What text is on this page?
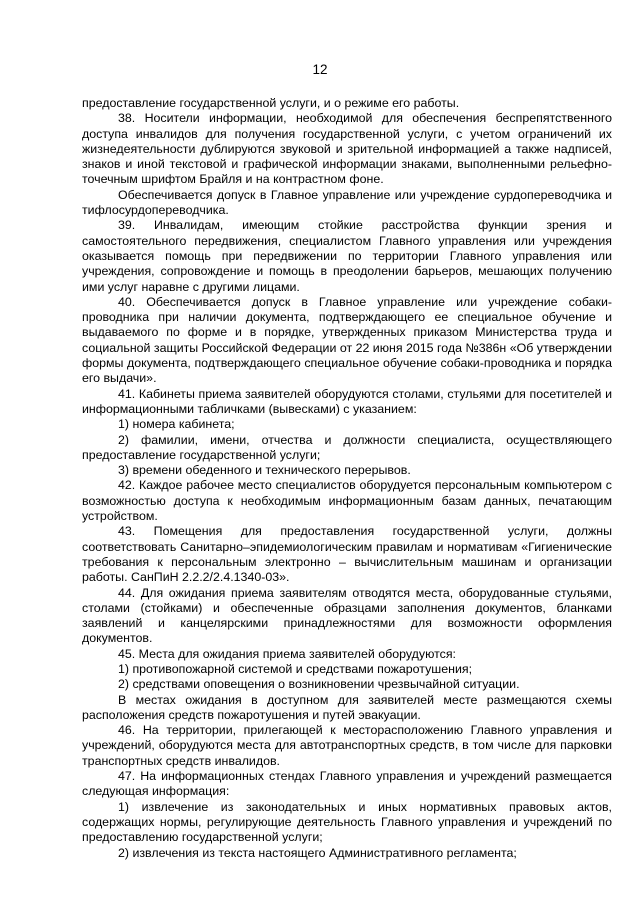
12

предоставление государственной услуги, и о режиме его работы.

38. Носители информации, необходимой для обеспечения беспрепятственного доступа инвалидов для получения государственной услуги, с учетом ограничений их жизнедеятельности дублируются звуковой и зрительной информацией а также надписей, знаков и иной текстовой и графической информации знаками, выполненными рельефно-точечным шрифтом Брайля и на контрастном фоне.

Обеспечивается допуск в Главное управление или учреждение сурдопереводчика и тифлосурдопереводчика.

39. Инвалидам, имеющим стойкие расстройства функции зрения и самостоятельного передвижения, специалистом Главного управления или учреждения оказывается помощь при передвижении по территории Главного управления или учреждения, сопровождение и помощь в преодолении барьеров, мешающих получению ими услуг наравне с другими лицами.

40. Обеспечивается допуск в Главное управление или учреждение собаки-проводника при наличии документа, подтверждающего ее специальное обучение и выдаваемого по форме и в порядке, утвержденных приказом Министерства труда и социальной защиты Российской Федерации от 22 июня 2015 года №386н «Об утверждении формы документа, подтверждающего специальное обучение собаки-проводника и порядка его выдачи».

41. Кабинеты приема заявителей оборудуются столами, стульями для посетителей и информационными табличками (вывесками) с указанием:

1) номера кабинета;

2) фамилии, имени, отчества и должности специалиста, осуществляющего предоставление государственной услуги;

3) времени обеденного и технического перерывов.

42. Каждое рабочее место специалистов оборудуется персональным компьютером с возможностью доступа к необходимым информационным базам данных, печатающим устройством.

43. Помещения для предоставления государственной услуги, должны соответствовать Санитарно–эпидемиологическим правилам и нормативам «Гигиенические требования к персональным электронно – вычислительным машинам и организации работы. СанПиН 2.2.2/2.4.1340-03».

44. Для ожидания приема заявителям отводятся места, оборудованные стульями, столами (стойками) и обеспеченные образцами заполнения документов, бланками заявлений и канцелярскими принадлежностями для возможности оформления документов.

45. Места для ожидания приема заявителей оборудуются:

1) противопожарной системой и средствами пожаротушения;

2) средствами оповещения о возникновении чрезвычайной ситуации.

В местах ожидания в доступном для заявителей месте размещаются схемы расположения средств пожаротушения и путей эвакуации.

46. На территории, прилегающей к месторасположению Главного управления и учреждений, оборудуются места для автотранспортных средств, в том числе для парковки транспортных средств инвалидов.

47. На информационных стендах Главного управления и учреждений размещается следующая информация:

1) извлечение из законодательных и иных нормативных правовых актов, содержащих нормы, регулирующие деятельность Главного управления и учреждений по предоставлению государственной услуги;

2) извлечения из текста настоящего Административного регламента;
